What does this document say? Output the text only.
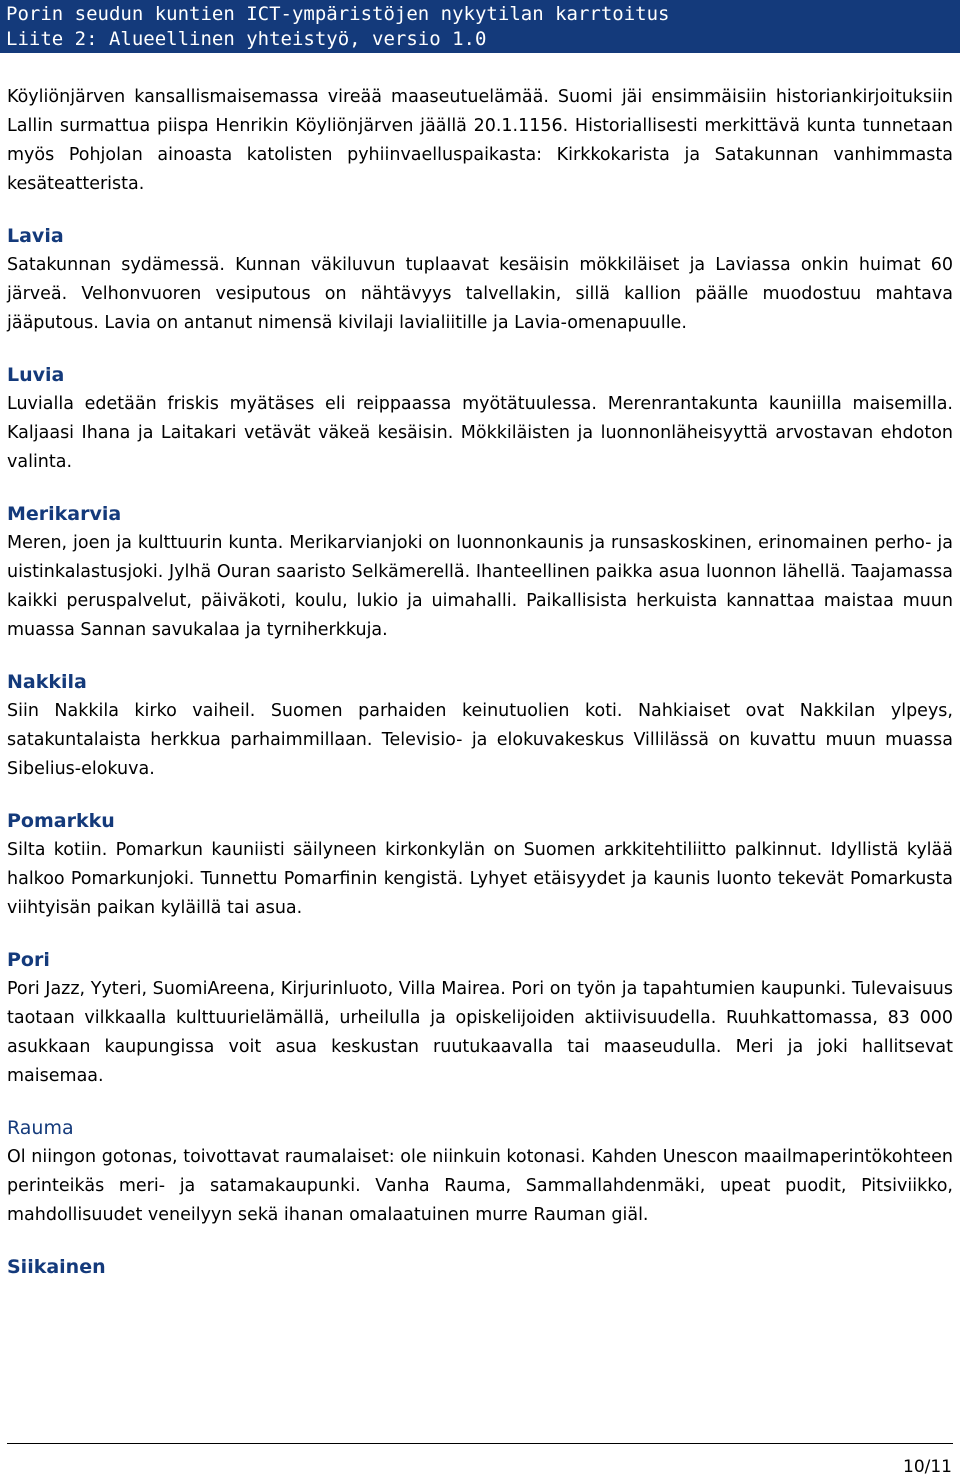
Porin seudun kuntien ICT-ympäristöjen nykytilan karrtoitus
Liite 2: Alueellinen yhteistyö, versio 1.0

Köyliönjärven kansallismaisemassa vireää maaseutuelämää. Suomi jäi ensimmäisiin historiankirjoituksiin Lallin surmattua piispa Henrikin Köyliönjärven jäällä 20.1.1156. Historiallisesti merkittävä kunta tunnetaan myös Pohjolan ainoasta katolisten pyhiinvaelluspaikasta: Kirkkokarista ja Satakunnan vanhimmasta kesäteatterista.

Lavia

Satakunnan sydämessä. Kunnan väkiluvun tuplaavat kesäisin mökkiläiset ja Laviassa onkin huimat 60 järveä. Velhonvuoren vesiputous on nähtävyys talvellakin, sillä kallion päälle muodostuu mahtava jääputous. Lavia on antanut nimensä kivilaji lavialiitille ja Lavia-omenapuulle.

Luvia

Luvialla edetään friskis myätäses eli reippaassa myötätuulessa. Merenrantakunta kauniilla maisemilla. Kaljaasi Ihana ja Laitakari vetävät väkeä kesäisin. Mökkiläisten ja luonnonläheisyyttä arvostavan ehdoton valinta.

Merikarvia

Meren, joen ja kulttuurin kunta. Merikarvianjoki on luonnonkaunis ja runsaskoskinen, erinomainen perho- ja uistinkalastusjoki. Jylhä Ouran saaristo Selkämerellä. Ihanteellinen paikka asua luonnon lähellä. Taajamassa kaikki peruspalvelut, päiväkoti, koulu, lukio ja uimahalli. Paikallisista herkuista kannattaa maistaa muun muassa Sannan savukalaa ja tyrniherkkuja.

Nakkila

Siin Nakkila kirko vaiheil. Suomen parhaiden keinutuolien koti. Nahkiaiset ovat Nakkilan ylpeys, satakuntalaista herkkua parhaimmillaan. Televisio- ja elokuvakeskus Villilässä on kuvattu muun muassa Sibelius-elokuva.

Pomarkku

Silta kotiin. Pomarkun kauniisti säilyneen kirkonkylän on Suomen arkkitehtiliitto palkinnut. Idyllistä kylää halkoo Pomarkunjoki. Tunnettu Pomarfinin kengistä. Lyhyet etäisyydet ja kaunis luonto tekevät Pomarkusta viihtyisän paikan kyläillä tai asua.

Pori

Pori Jazz, Yyteri, SuomiAreena, Kirjurinluoto, Villa Mairea. Pori on työn ja tapahtumien kaupunki. Tulevaisuus taotaan vilkkaalla kulttuurielämällä, urheilulla ja opiskelijoiden aktiivisuudella. Ruuhkattomassa, 83 000 asukkaan kaupungissa voit asua keskustan ruutukaavalla tai maaseudulla. Meri ja joki hallitsevat maisemaa.

Rauma

Ol niingon gotonas, toivottavat raumalaiset: ole niinkuin kotonasi. Kahden Unescon maailmaperintökohteen perinteikäs meri- ja satamakaupunki. Vanha Rauma, Sammallahdenmäki, upeat puodit, Pitsiviikko, mahdollisuudet veneilyyn sekä ihanan omalaatuinen murre Rauman giäl.

Siikainen
10/11
